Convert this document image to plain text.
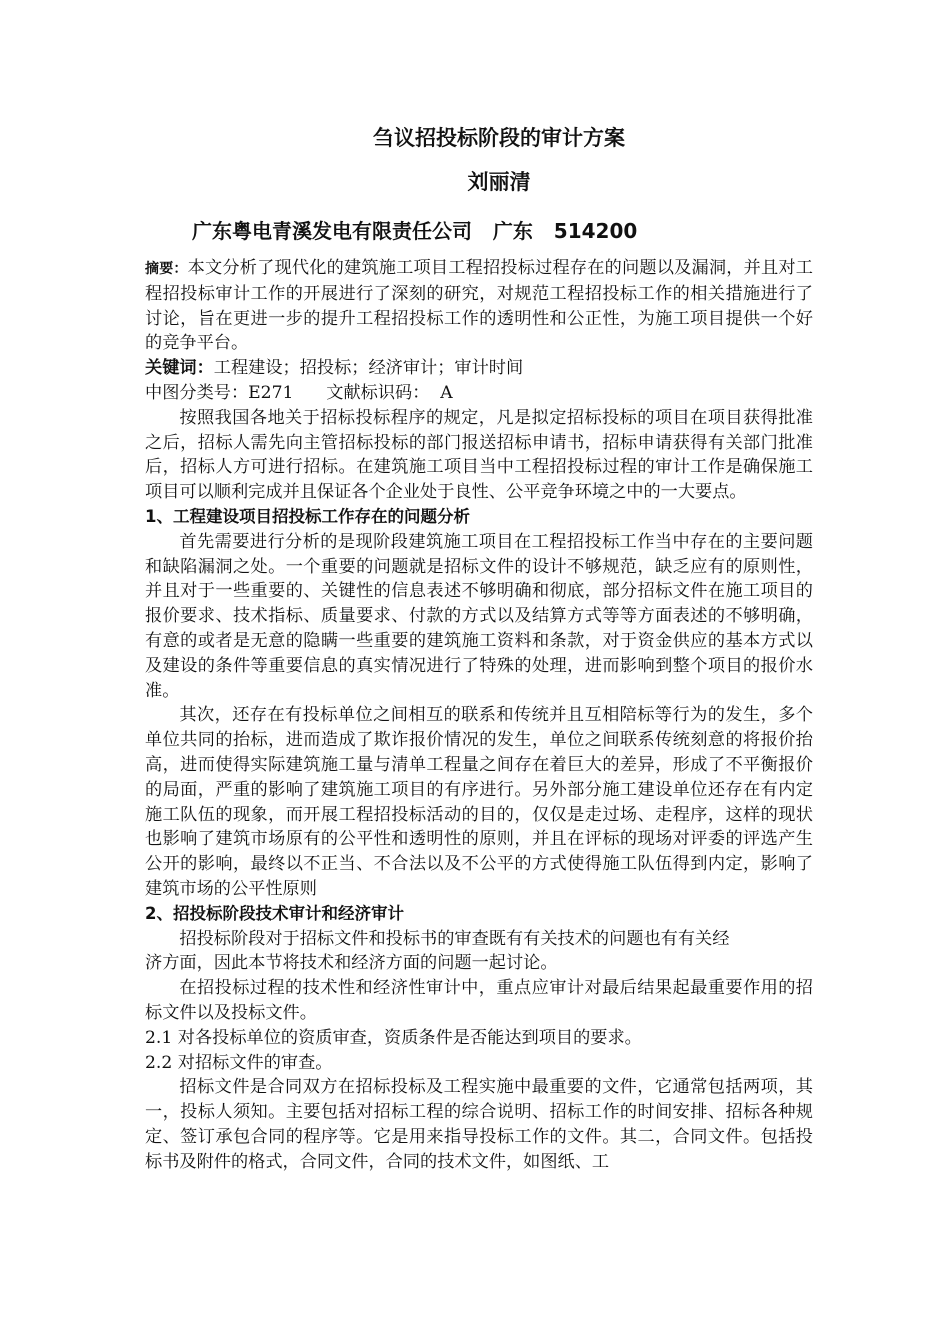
刍议招投标阶段的审计方案
刘丽清
广东粤电青溪发电有限责任公司   广东   514200

摘要：本文分析了现代化的建筑施工项目工程招投标过程存在的问题以及漏洞，并且对工程招投标审计工作的开展进行了深刻的研究，对规范工程招投标工作的相关措施进行了讨论，旨在更进一步的提升工程招投标工作的透明性和公正性，为施工项目提供一个好的竞争平台。

关键词：工程建设；招投标；经济审计；审计时间

中图分类号：E271      文献标识码：  A

按照我国各地关于招标投标程序的规定，凡是拟定招标投标的项目在项目获得批准之后，招标人需先向主管招标投标的部门报送招标申请书，招标申请获得有关部门批准后，招标人方可进行招标。在建筑施工项目当中工程招投标过程的审计工作是确保施工项目可以顺利完成并且保证各个企业处于良性、公平竞争环境之中的一大要点。

1、工程建设项目招投标工作存在的问题分析

首先需要进行分析的是现阶段建筑施工项目在工程招投标工作当中存在的主要问题和缺陷漏洞之处。一个重要的问题就是招标文件的设计不够规范，缺乏应有的原则性，并且对于一些重要的、关键性的信息表述不够明确和彻底，部分招标文件在施工项目的报价要求、技术指标、质量要求、付款的方式以及结算方式等等方面表述的不够明确，有意的或者是无意的隐瞒一些重要的建筑施工资料和条款，对于资金供应的基本方式以及建设的条件等重要信息的真实情况进行了特殊的处理，进而影响到整个项目的报价水准。

其次，还存在有投标单位之间相互的联系和传统并且互相陪标等行为的发生，多个单位共同的抬标，进而造成了欺诈报价情况的发生，单位之间联系传统刻意的将报价抬高，进而使得实际建筑施工量与清单工程量之间存在着巨大的差异，形成了不平衡报价的局面，严重的影响了建筑施工项目的有序进行。另外部分施工建设单位还存在有内定施工队伍的现象，而开展工程招投标活动的目的，仅仅是走过场、走程序，这样的现状也影响了建筑市场原有的公平性和透明性的原则，并且在评标的现场对评委的评选产生公开的影响，最终以不正当、不合法以及不公平的方式使得施工队伍得到内定，影响了建筑市场的公平性原则

2、招投标阶段技术审计和经济审计

招投标阶段对于招标文件和投标书的审查既有有关技术的问题也有有关经
济方面，因此本节将技术和经济方面的问题一起讨论。

在招投标过程的技术性和经济性审计中，重点应审计对最后结果起最重要作用的招标文件以及投标文件。

2.1 对各投标单位的资质审查，资质条件是否能达到项目的要求。

2.2 对招标文件的审查。

招标文件是合同双方在招标投标及工程实施中最重要的文件，它通常包括两项，其一，投标人须知。主要包括对招标工程的综合说明、招标工作的时间安排、招标各种规定、签订承包合同的程序等。它是用来指导投标工作的文件。其二，合同文件。包括投标书及附件的格式，合同文件，合同的技术文件，如图纸、工
